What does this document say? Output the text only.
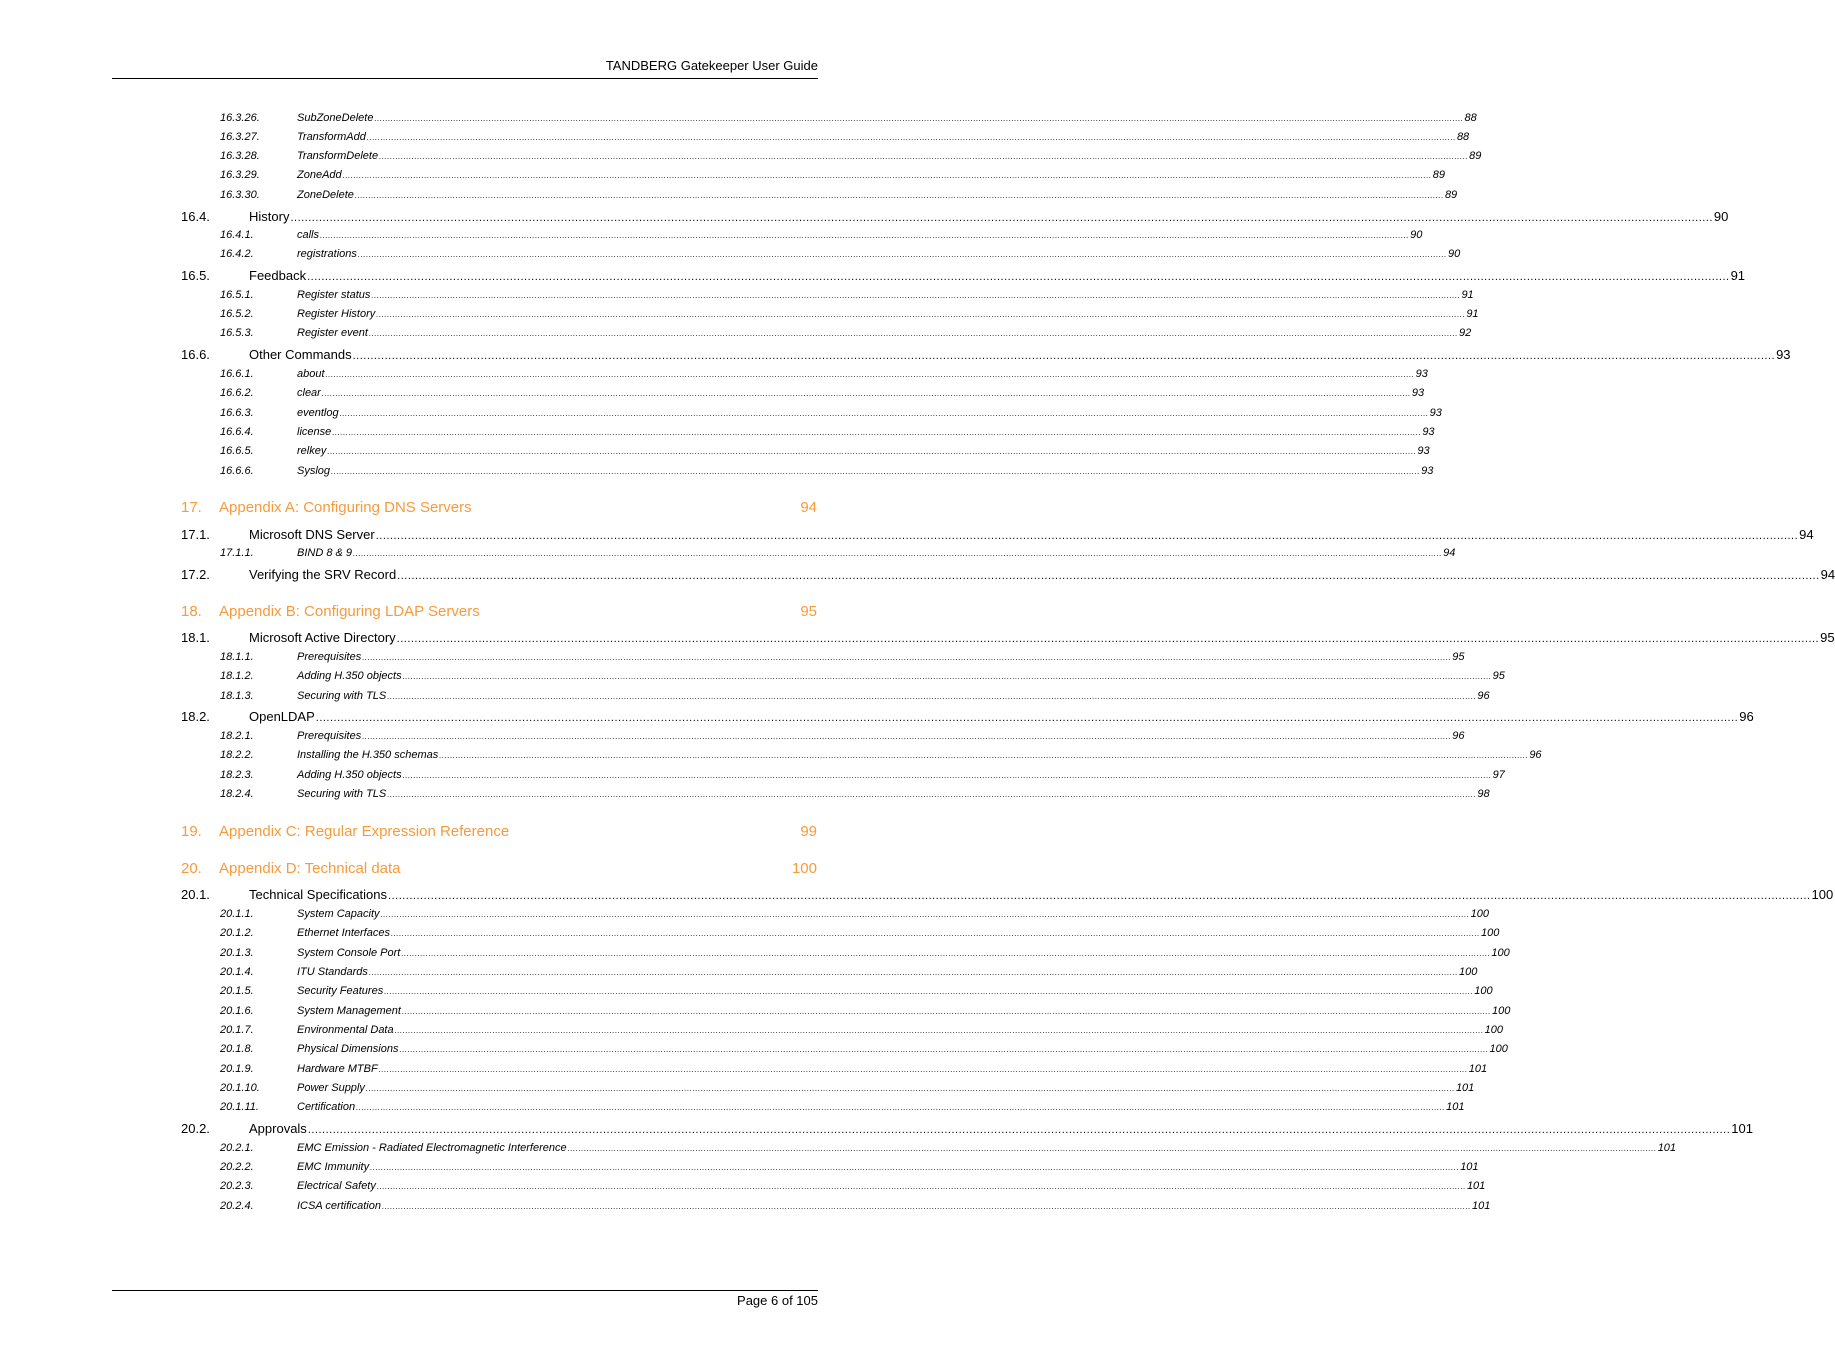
TANDBERG Gatekeeper User Guide
16.3.26.	SubZoneDelete ................................................................................................................................................................................................................................................................................................................................................................................................................ 88
16.3.27.	TransformAdd ................................................................................................................................................................................................................................................................................................................................................................................................................ 88
16.3.28.	TransformDelete ................................................................................................................................................................................................................................................................................................................................................................................................................ 89
16.3.29.	ZoneAdd ................................................................................................................................................................................................................................................................................................................................................................................................................ 89
16.3.30.	ZoneDelete ................................................................................................................................................................................................................................................................................................................................................................................................................ 89
16.4.	History ................................................................................................................................................................................................................................................................................................................................................................................................................ 90
16.4.1.	calls ................................................................................................................................................................................................................................................................................................................................................................................................................ 90
16.4.2.	registrations ................................................................................................................................................................................................................................................................................................................................................................................................................ 90
16.5.	Feedback ................................................................................................................................................................................................................................................................................................................................................................................................................ 91
16.5.1.	Register status ................................................................................................................................................................................................................................................................................................................................................................................................................ 91
16.5.2.	Register History ................................................................................................................................................................................................................................................................................................................................................................................................................ 91
16.5.3.	Register event ................................................................................................................................................................................................................................................................................................................................................................................................................ 92
16.6.	Other Commands ................................................................................................................................................................................................................................................................................................................................................................................................................ 93
16.6.1.	about ................................................................................................................................................................................................................................................................................................................................................................................................................ 93
16.6.2.	clear ................................................................................................................................................................................................................................................................................................................................................................................................................ 93
16.6.3.	eventlog ................................................................................................................................................................................................................................................................................................................................................................................................................ 93
16.6.4.	license ................................................................................................................................................................................................................................................................................................................................................................................................................ 93
16.6.5.	relkey ................................................................................................................................................................................................................................................................................................................................................................................................................ 93
16.6.6.	Syslog ................................................................................................................................................................................................................................................................................................................................................................................................................ 93
17.	Appendix A: Configuring DNS Servers	94
17.1.	Microsoft DNS Server ................................................................................................................................................................................................................................................................................................................................................................................................................ 94
17.1.1.	BIND 8 & 9 ................................................................................................................................................................................................................................................................................................................................................................................................................ 94
17.2.	Verifying the SRV Record ................................................................................................................................................................................................................................................................................................................................................................................................................ 94
18.	Appendix B: Configuring LDAP Servers	95
18.1.	Microsoft Active Directory ................................................................................................................................................................................................................................................................................................................................................................................................................ 95
18.1.1.	Prerequisites ................................................................................................................................................................................................................................................................................................................................................................................................................ 95
18.1.2.	Adding H.350 objects ................................................................................................................................................................................................................................................................................................................................................................................................................ 95
18.1.3.	Securing with TLS ................................................................................................................................................................................................................................................................................................................................................................................................................ 96
18.2.	OpenLDAP ................................................................................................................................................................................................................................................................................................................................................................................................................ 96
18.2.1.	Prerequisites ................................................................................................................................................................................................................................................................................................................................................................................................................ 96
18.2.2.	Installing the H.350 schemas ................................................................................................................................................................................................................................................................................................................................................................................................................ 96
18.2.3.	Adding H.350 objects ................................................................................................................................................................................................................................................................................................................................................................................................................ 97
18.2.4.	Securing with TLS ................................................................................................................................................................................................................................................................................................................................................................................................................ 98
19.	Appendix C: Regular Expression Reference	99
20.	Appendix D: Technical data	100
20.1.	Technical Specifications ................................................................................................................................................................................................................................................................................................................................................................................................................ 100
20.1.1.	System Capacity ................................................................................................................................................................................................................................................................................................................................................................................................................ 100
20.1.2.	Ethernet Interfaces ................................................................................................................................................................................................................................................................................................................................................................................................................ 100
20.1.3.	System Console Port ................................................................................................................................................................................................................................................................................................................................................................................................................ 100
20.1.4.	ITU Standards ................................................................................................................................................................................................................................................................................................................................................................................................................ 100
20.1.5.	Security Features ................................................................................................................................................................................................................................................................................................................................................................................................................ 100
20.1.6.	System Management ................................................................................................................................................................................................................................................................................................................................................................................................................ 100
20.1.7.	Environmental Data ................................................................................................................................................................................................................................................................................................................................................................................................................ 100
20.1.8.	Physical Dimensions ................................................................................................................................................................................................................................................................................................................................................................................................................ 100
20.1.9.	Hardware MTBF ................................................................................................................................................................................................................................................................................................................................................................................................................ 101
20.1.10.	Power Supply ................................................................................................................................................................................................................................................................................................................................................................................................................ 101
20.1.11.	Certification ................................................................................................................................................................................................................................................................................................................................................................................................................ 101
20.2.	Approvals ................................................................................................................................................................................................................................................................................................................................................................................................................ 101
20.2.1.	EMC Emission - Radiated Electromagnetic Interference ................................................................................................................................................................................................................................................................................................................................................................................................................ 101
20.2.2.	EMC Immunity ................................................................................................................................................................................................................................................................................................................................................................................................................ 101
20.2.3.	Electrical Safety ................................................................................................................................................................................................................................................................................................................................................................................................................ 101
20.2.4.	ICSA certification ................................................................................................................................................................................................................................................................................................................................................................................................................ 101
Page 6 of 105
